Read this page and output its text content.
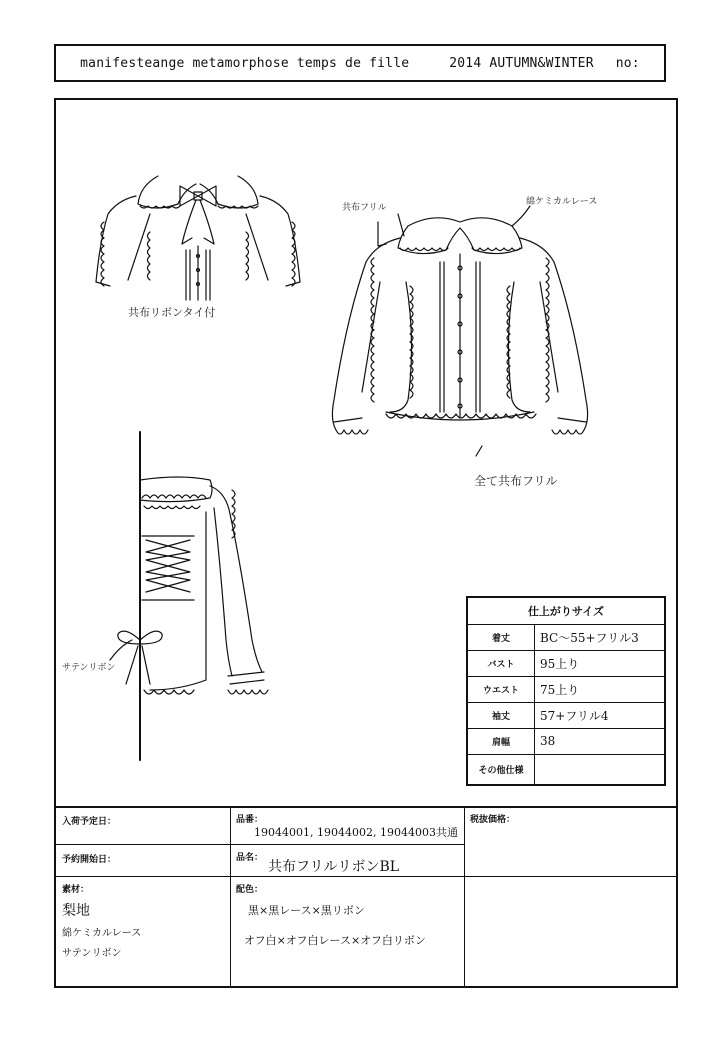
manifesteange metamorphose temps de fille	2014 AUTUMN&WINTER no:
共布リボンタイ付
共布フリル
綿ケミカルレース
全て共布フリル
サテンリボン
仕上がりサイズ
着丈	BC～55+フリル3
バスト	95上り
ウエスト	75上り
袖丈	57+フリル4
肩幅	38
その他仕様
入荷予定日：
予約開始日：
品番：
19044001, 19044002, 19044003共通
品名：
共布フリルリボンBL
税抜価格：
素材：
梨地
綿ケミカルレース
サテンリボン
配色：
黒×黒レース×黒リボン
オフ白×オフ白レース×オフ白リボン
